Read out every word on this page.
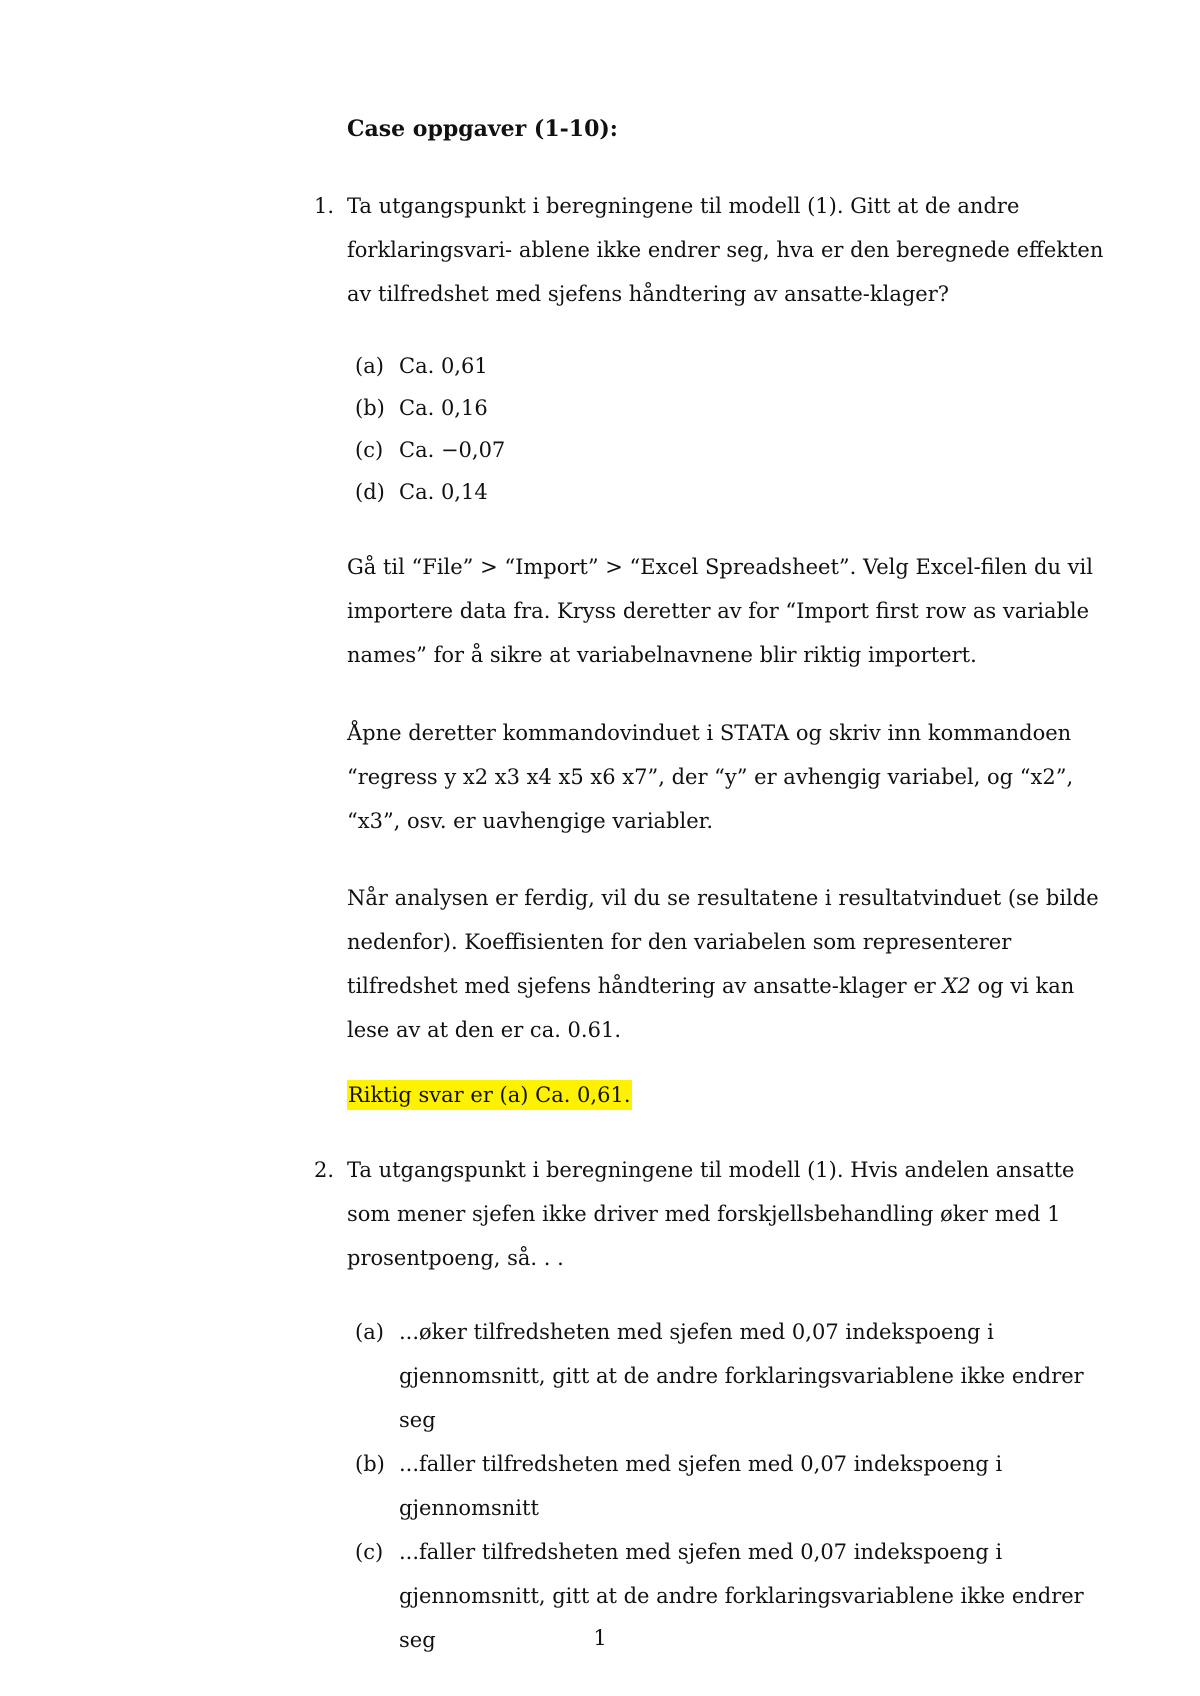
Case oppgaver (1-10):
1. Ta utgangspunkt i beregningene til modell (1). Gitt at de andre forklaringsvari- ablene ikke endrer seg, hva er den beregnede effekten av tilfredshet med sjefens håndtering av ansatte-klager?
(a) Ca. 0,61
(b) Ca. 0,16
(c) Ca. −0,07
(d) Ca. 0,14
Gå til “File” > “Import” > “Excel Spreadsheet”. Velg Excel-filen du vil importere data fra. Kryss deretter av for “Import first row as variable names” for å sikre at variabelnavnene blir riktig importert.
Åpne deretter kommandovinduet i STATA og skriv inn kommandoen “regress y x2 x3 x4 x5 x6 x7”, der “y” er avhengig variabel, og “x2”, “x3”, osv. er uavhengige variabler.
Når analysen er ferdig, vil du se resultatene i resultatvinduet (se bilde nedenfor). Koeffisienten for den variabelen som representerer tilfredshet med sjefens håndtering av ansatte-klager er X2 og vi kan lese av at den er ca. 0.61.
Riktig svar er (a) Ca. 0,61.
2. Ta utgangspunkt i beregningene til modell (1). Hvis andelen ansatte som mener sjefen ikke driver med forskjellsbehandling øker med 1 prosentpoeng, så. . .
(a) ...øker tilfredsheten med sjefen med 0,07 indekspoeng i gjennomsnitt, gitt at de andre forklaringsvariablene ikke endrer seg
(b) ...faller tilfredsheten med sjefen med 0,07 indekspoeng i gjennomsnitt
(c) ...faller tilfredsheten med sjefen med 0,07 indekspoeng i gjennomsnitt, gitt at de andre forklaringsvariablene ikke endrer seg	1
